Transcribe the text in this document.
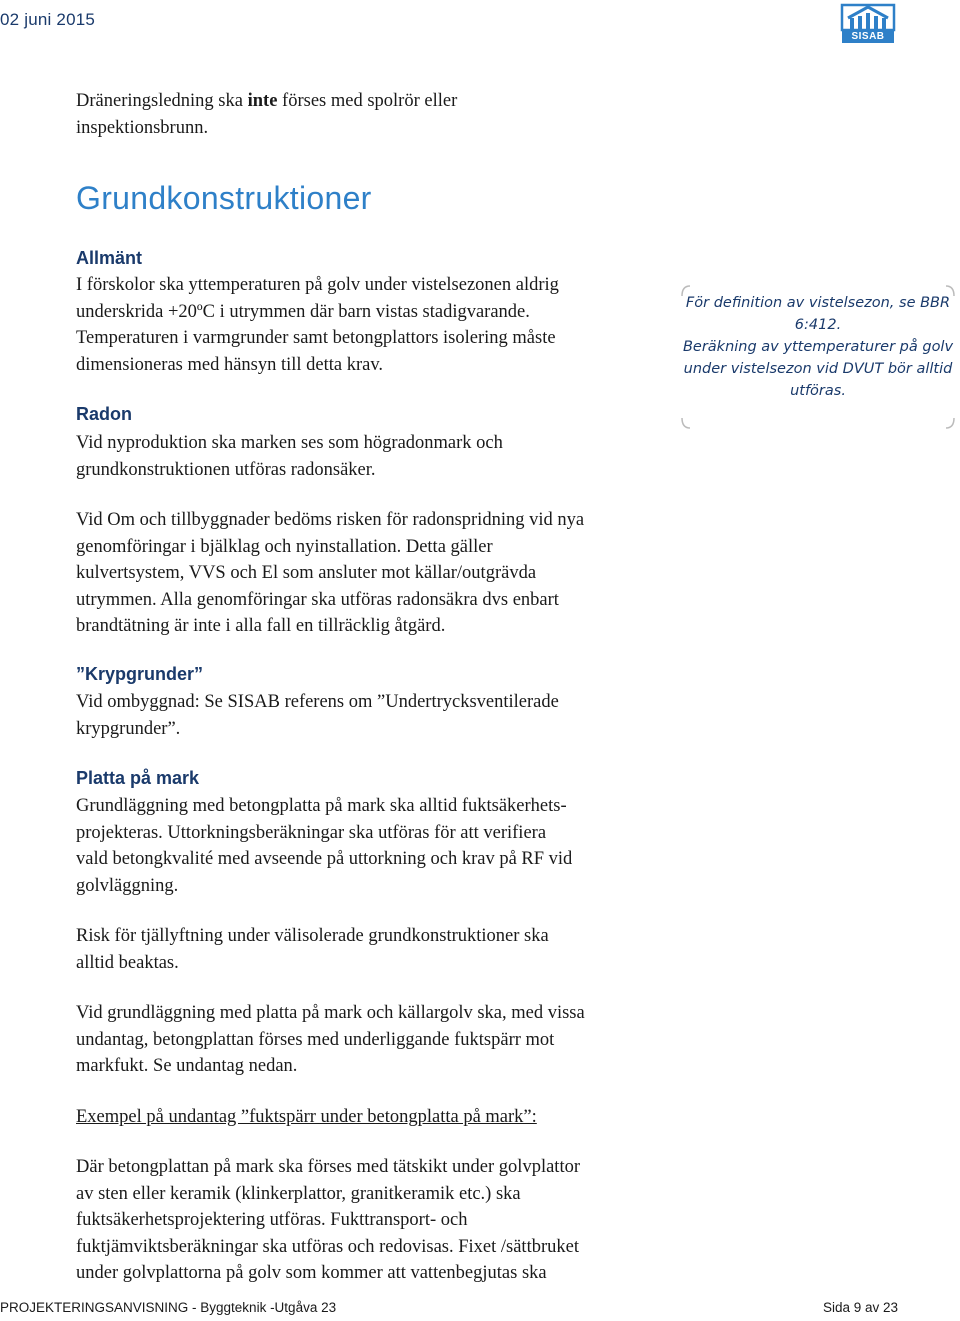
02 juni 2015
SISAB
Dräneringsledning ska inte förses med spolrör eller
inspektionsbrunn.
Grundkonstruktioner
Allmänt
I förskolor ska yttemperaturen på golv under vistelsezonen aldrig
underskrida +20ºC i utrymmen där barn vistas stadigvarande.
Temperaturen i varmgrunder samt betongplattors isolering måste
dimensioneras med hänsyn till detta krav.
För definition av vistelsezon, se BBR
6:412.
Beräkning av yttemperaturer på golv
under vistelsezon vid DVUT bör alltid
utföras.
Radon
Vid nyproduktion ska marken ses som högradonmark och
grundkonstruktionen utföras radonsäker.
Vid Om och tillbyggnader bedöms risken för radonspridning vid nya
genomföringar i bjälklag och nyinstallation. Detta gäller
kulvertsystem, VVS och El som ansluter mot källar/outgrävda
utrymmen. Alla genomföringar ska utföras radonsäkra dvs enbart
brandtätning är inte i alla fall en tillräcklig åtgärd.
”Krypgrunder”
Vid ombyggnad: Se SISAB referens om ”Undertrycksventilerade
krypgrunder”.
Platta på mark
Grundläggning med betongplatta på mark ska alltid fuktsäkerhets-
projekteras. Uttorkningsberäkningar ska utföras för att verifiera
vald betongkvalité med avseende på uttorkning och krav på RF vid
golvläggning.
Risk för tjällyftning under välisolerade grundkonstruktioner ska
alltid beaktas.
Vid grundläggning med platta på mark och källargolv ska, med vissa
undantag, betongplattan förses med underliggande fuktspärr mot
markfukt. Se undantag nedan.
Exempel på undantag ”fuktspärr under betongplatta på mark”:
Där betongplattan på mark ska förses med tätskikt under golvplattor
av sten eller keramik (klinkerplattor, granitkeramik etc.) ska
fuktsäkerhetsprojektering utföras. Fukttransport- och
fuktjämviktsberäkningar ska utföras och redovisas. Fixet /sättbruket
under golvplattorna på golv som kommer att vattenbegjutas ska
PROJEKTERINGSANVISNING - Byggteknik -Utgåva 23	Sida 9 av 23
